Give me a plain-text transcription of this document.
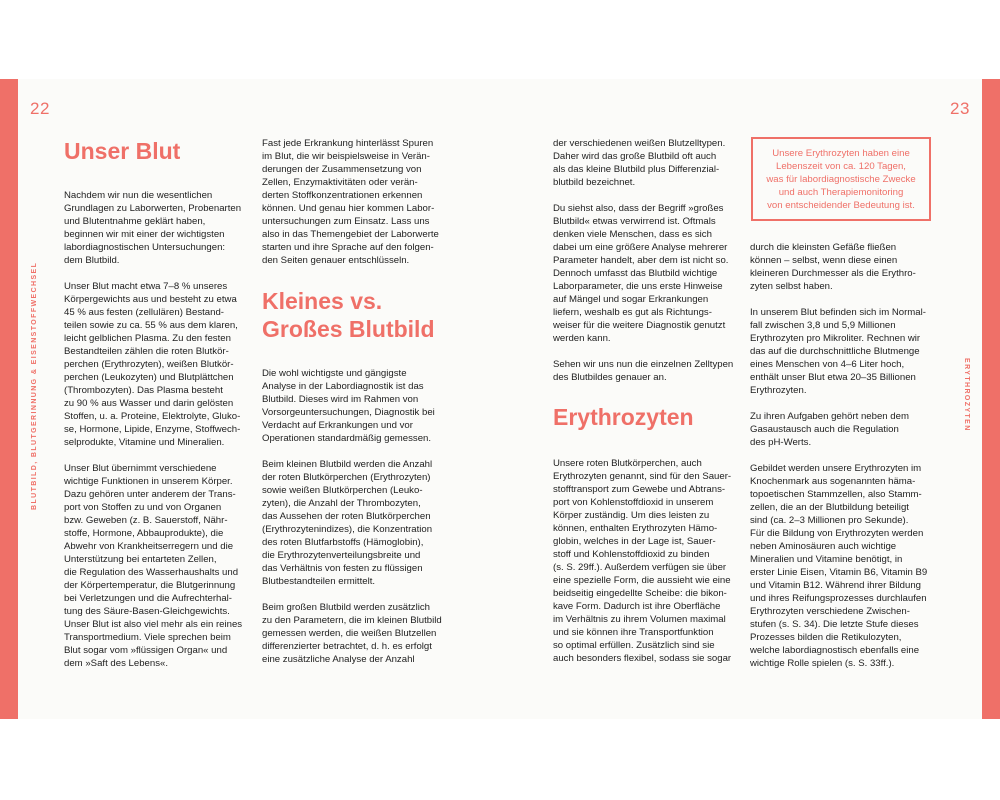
22	23
BLUTBILD, BLUTGERINNUNG & EISENSTOFFWECHSEL	ERYTHROZYTEN
Unser Blut
Kleines vs.
Großes Blutbild
Erythrozyten
Unsere Erythrozyten haben eine
Lebenszeit von ca. 120 Tagen,
was für labordiagnostische Zwecke
und auch Therapiemonitoring
von entscheidender Bedeutung ist.

Nachdem wir nun die wesentlichen
Grundlagen zu Laborwerten, Probenarten
und Blutentnahme geklärt haben,
beginnen wir mit einer der wichtigsten
labordiagnostischen Untersuchungen:
dem Blutbild.

Unser Blut macht etwa 7–8 % unseres
Körpergewichts aus und besteht zu etwa
45 % aus festen (zellulären) Bestand-
teilen sowie zu ca. 55 % aus dem klaren,
leicht gelblichen Plasma. Zu den festen
Bestandteilen zählen die roten Blutkör-
perchen (Erythrozyten), weißen Blutkör-
perchen (Leukozyten) und Blutplättchen
(Thrombozyten). Das Plasma besteht
zu 90 % aus Wasser und darin gelösten
Stoffen, u. a. Proteine, Elektrolyte, Gluko-
se, Hormone, Lipide, Enzyme, Stoffwech-
selprodukte, Vitamine und Mineralien.

Unser Blut übernimmt verschiedene
wichtige Funktionen in unserem Körper.
Dazu gehören unter anderem der Trans-
port von Stoffen zu und von Organen
bzw. Geweben (z. B. Sauerstoff, Nähr-
stoffe, Hormone, Abbauprodukte), die
Abwehr von Krankheitserregern und die
Unterstützung bei entarteten Zellen,
die Regulation des Wasserhaushalts und
der Körpertemperatur, die Blutgerinnung
bei Verletzungen und die Aufrechterhal-
tung des Säure-Basen-Gleichgewichts.
Unser Blut ist also viel mehr als ein reines
Transportmedium. Viele sprechen beim
Blut sogar vom »flüssigen Organ« und
dem »Saft des Lebens«.

Fast jede Erkrankung hinterlässt Spuren
im Blut, die wir beispielsweise in Verän-
derungen der Zusammensetzung von
Zellen, Enzymaktivitäten oder verän-
derten Stoffkonzentrationen erkennen
können. Und genau hier kommen Labor-
untersuchungen zum Einsatz. Lass uns
also in das Themengebiet der Laborwerte
starten und ihre Sprache auf den folgen-
den Seiten genauer entschlüsseln.

Die wohl wichtigste und gängigste
Analyse in der Labordiagnostik ist das
Blutbild. Dieses wird im Rahmen von
Vorsorgeuntersuchungen, Diagnostik bei
Verdacht auf Erkrankungen und vor
Operationen standardmäßig gemessen.

Beim kleinen Blutbild werden die Anzahl
der roten Blutkörperchen (Erythrozyten)
sowie weißen Blutkörperchen (Leuko-
zyten), die Anzahl der Thrombozyten,
das Aussehen der roten Blutkörperchen
(Erythrozytenindizes), die Konzentration
des roten Blutfarbstoffs (Hämoglobin),
die Erythrozytenverteilungsbreite und
das Verhältnis von festen zu flüssigen
Blutbestandteilen ermittelt.

Beim großen Blutbild werden zusätzlich
zu den Parametern, die im kleinen Blutbild
gemessen werden, die weißen Blutzellen
differenzierter betrachtet, d. h. es erfolgt
eine zusätzliche Analyse der Anzahl

der verschiedenen weißen Blutzelltypen.
Daher wird das große Blutbild oft auch
als das kleine Blutbild plus Differenzial-
blutbild bezeichnet.

Du siehst also, dass der Begriff »großes
Blutbild« etwas verwirrend ist. Oftmals
denken viele Menschen, dass es sich
dabei um eine größere Analyse mehrerer
Parameter handelt, aber dem ist nicht so.
Dennoch umfasst das Blutbild wichtige
Laborparameter, die uns erste Hinweise
auf Mängel und sogar Erkrankungen
liefern, weshalb es gut als Richtungs-
weiser für die weitere Diagnostik genutzt
werden kann.

Sehen wir uns nun die einzelnen Zelltypen
des Blutbildes genauer an.

Unsere roten Blutkörperchen, auch
Erythrozyten genannt, sind für den Sauer-
stofftransport zum Gewebe und Abtrans-
port von Kohlenstoffdioxid in unserem
Körper zuständig. Um dies leisten zu
können, enthalten Erythrozyten Hämo-
globin, welches in der Lage ist, Sauer-
stoff und Kohlenstoffdioxid zu binden
(s. S. 29ff.). Außerdem verfügen sie über
eine spezielle Form, die aussieht wie eine
beidseitig eingedellte Scheibe: die bikon-
kave Form. Dadurch ist ihre Oberfläche
im Verhältnis zu ihrem Volumen maximal
und sie können ihre Transportfunktion
so optimal erfüllen. Zusätzlich sind sie
auch besonders flexibel, sodass sie sogar

durch die kleinsten Gefäße fließen
können – selbst, wenn diese einen
kleineren Durchmesser als die Erythro-
zyten selbst haben.

In unserem Blut befinden sich im Normal-
fall zwischen 3,8 und 5,9 Millionen
Erythrozyten pro Mikroliter. Rechnen wir
das auf die durchschnittliche Blutmenge
eines Menschen von 4–6 Liter hoch,
enthält unser Blut etwa 20–35 Billionen
Erythrozyten.

Zu ihren Aufgaben gehört neben dem
Gasaustausch auch die Regulation
des pH-Werts.

Gebildet werden unsere Erythrozyten im
Knochenmark aus sogenannten häma-
topoetischen Stammzellen, also Stamm-
zellen, die an der Blutbildung beteiligt
sind (ca. 2–3 Millionen pro Sekunde).
Für die Bildung von Erythrozyten werden
neben Aminosäuren auch wichtige
Mineralien und Vitamine benötigt, in
erster Linie Eisen, Vitamin B6, Vitamin B9
und Vitamin B12. Während ihrer Bildung
und ihres Reifungsprozesses durchlaufen
Erythrozyten verschiedene Zwischen-
stufen (s. S. 34). Die letzte Stufe dieses
Prozesses bilden die Retikulozyten,
welche labordiagnostisch ebenfalls eine
wichtige Rolle spielen (s. S. 33ff.).
